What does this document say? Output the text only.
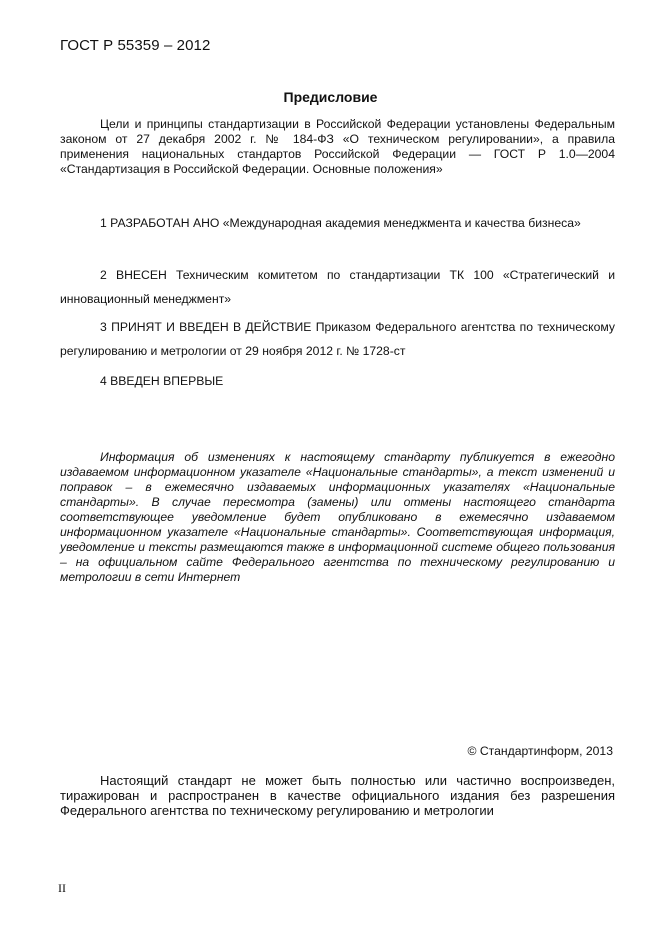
ГОСТ Р 55359 – 2012
Предисловие
Цели и принципы стандартизации в Российской Федерации установлены Федеральным законом от 27 декабря 2002 г. № 184-ФЗ «О техническом регулировании», а правила применения национальных стандартов Российской Федерации — ГОСТ Р 1.0—2004 «Стандартизация в Российской Федерации. Основные положения»
1 РАЗРАБОТАН АНО «Международная академия менеджмента и качества бизнеса»
2 ВНЕСЕН Техническим комитетом по стандартизации ТК 100 «Стратегический и инновационный менеджмент»
3 ПРИНЯТ И ВВЕДЕН В ДЕЙСТВИЕ Приказом Федерального агентства по техническому регулированию и метрологии от 29 ноября 2012 г. № 1728-ст
4 ВВЕДЕН ВПЕРВЫЕ
Информация об изменениях к настоящему стандарту публикуется в ежегодно издаваемом информационном указателе «Национальные стандарты», а текст изменений и поправок – в ежемесячно издаваемых информационных указателях «Национальные стандарты». В случае пересмотра (замены) или отмены настоящего стандарта соответствующее уведомление будет опубликовано в ежемесячно издаваемом информационном указателе «Национальные стандарты». Соответствующая информация, уведомление и тексты размещаются также в информационной системе общего пользования – на официальном сайте Федерального агентства по техническому регулированию и метрологии в сети Интернет
© Стандартинформ, 2013
Настоящий стандарт не может быть полностью или частично воспроизведен, тиражирован и распространен в качестве официального издания без разрешения Федерального агентства по техническому регулированию и метрологии
II
